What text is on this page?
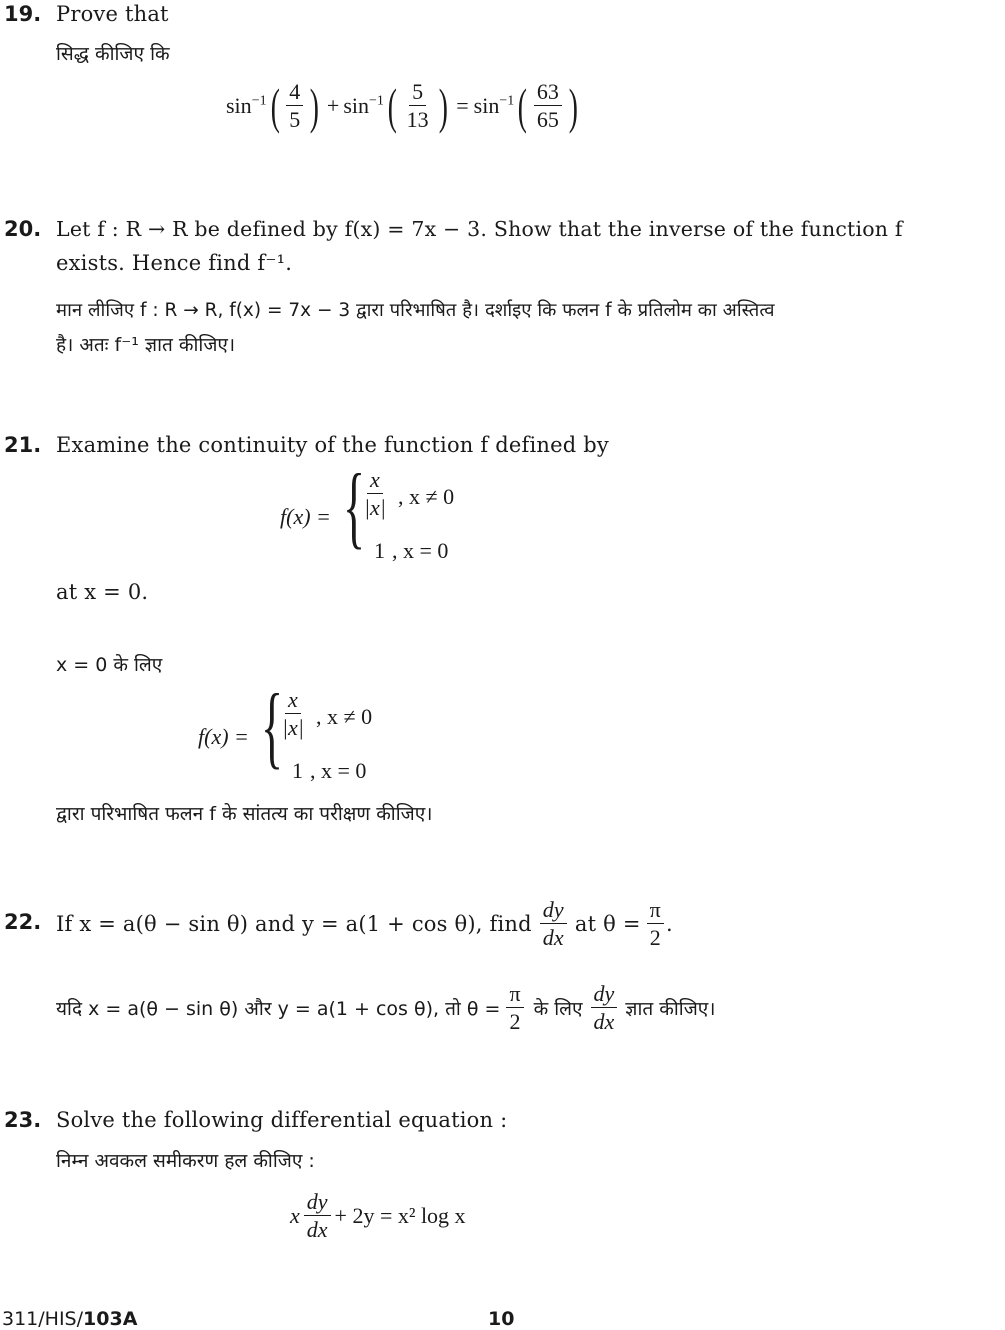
19. Prove that
सिद्ध कीजिए कि
$\sin^{-1}$ ( $\frac{4}{5}$ ) + $\sin^{-1}$ ( $\frac{5}{13}$ ) = $\sin^{-1}$ ( $\frac{63}{65}$ )
20. Let f : R → R be defined by f(x) = 7x − 3. Show that the inverse of the function f
exists. Hence find f⁻¹.
मान लीजिए f : R → R, f(x) = 7x − 3 द्वारा परिभाषित है। दर्शाइए कि फलन f के प्रतिलोम का अस्तित्व
है। अतः f⁻¹ ज्ञात कीजिए।
21. Examine the continuity of the function f defined by
f(x) = {
$\frac{x}{|x|}$ , x ≠ 0
1 , x = 0
at x = 0.
x = 0 के लिए
f(x) = {
$\frac{x}{|x|}$ , x ≠ 0
1 , x = 0
द्वारा परिभाषित फलन f के सांतत्य का परीक्षण कीजिए।
22. If x = a(θ − sin θ) and y = a(1 + cos θ), find $\frac{dy}{dx}$ at $\theta = \frac{\pi}{2}$ .
यदि x = a(θ − sin θ) और y = a(1 + cos θ), तो $\theta = \frac{\pi}{2}$ के लिए $\frac{dy}{dx}$ ज्ञात कीजिए।
23. Solve the following differential equation :
निम्न अवकल समीकरण हल कीजिए :
x $\frac{dy}{dx} + 2y = x^2$ log x
311/HIS/103A	10
